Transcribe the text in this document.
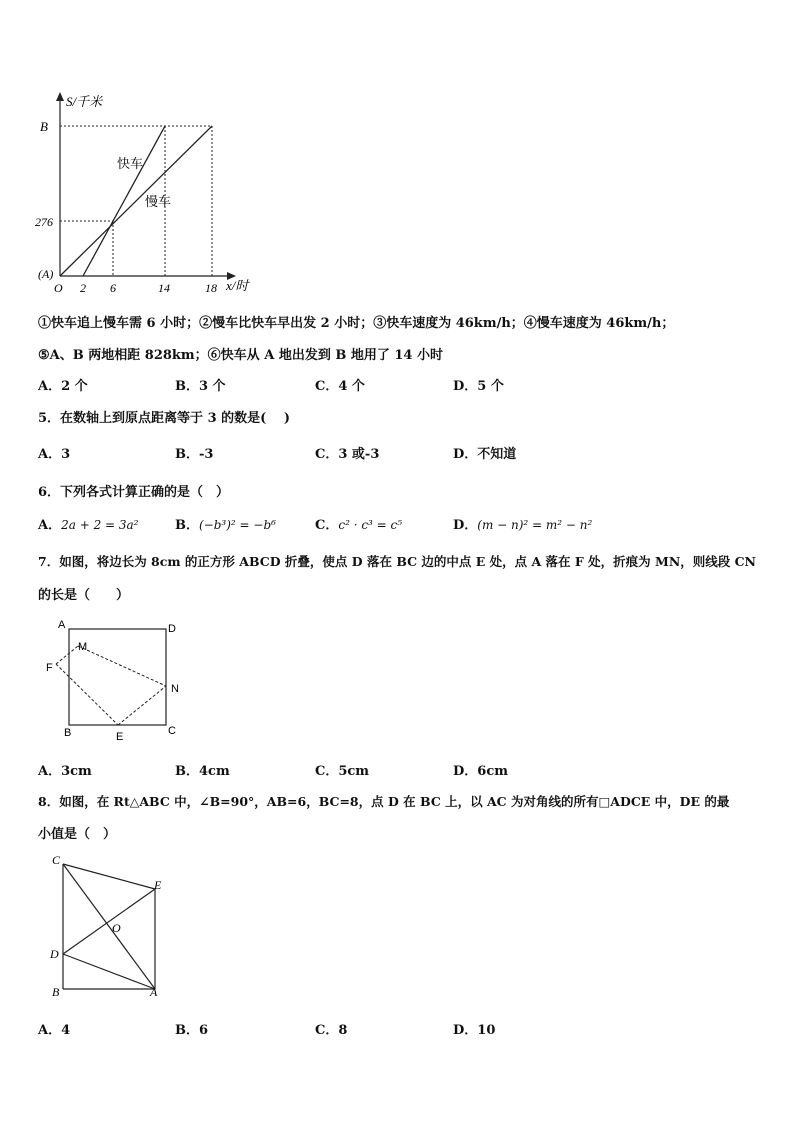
S/千米
B
276
(A)
O 2 6	14	18 x/时
快车
慢车
①快车追上慢车需 6 小时；②慢车比快车早出发 2 小时；③快车速度为 46km/h；④慢车速度为 46km/h；
⑤A、B 两地相距 828km；⑥快车从 A 地出发到 B 地用了 14 小时
A．2 个	B．3 个	C．4 个	D．5 个
5．在数轴上到原点距离等于 3 的数是(　 )
A．3	B．-3	C．3 或-3	D．不知道
6．下列各式计算正确的是（　）
A．2a + 2 = 3a²	B．(−b³)² = −b⁶	C．c² · c³ = c⁵	D．(m − n)² = m² − n²
7．如图，将边长为 8cm 的正方形 ABCD 折叠，使点 D 落在 BC 边的中点 E 处，点 A 落在 F 处，折痕为 MN，则线段 CN
的长是（　　）
A	D
M
F
N
B	E	C
A．3cm	B．4cm	C．5cm	D．6cm
8．如图，在 Rt△ABC 中，∠B=90°，AB=6，BC=8，点 D 在 BC 上，以 AC 为对角线的所有□ADCE 中，DE 的最
小值是（　）
C
E
O
D
B	A
A．4	B．6	C．8	D．10
